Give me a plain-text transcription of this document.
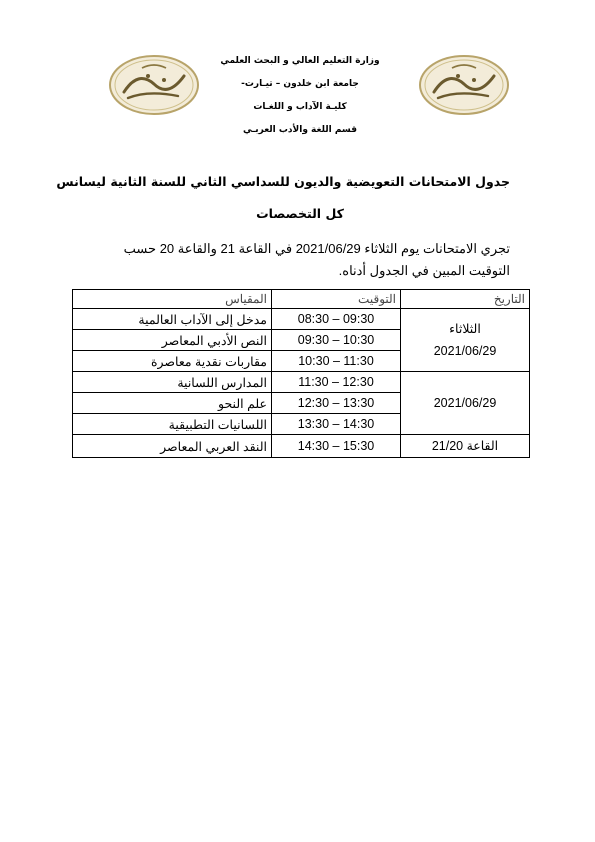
وزارة التعليم العالي و البحث العلمي
جامعة ابن خلدون – تيـارت-
كليـة الآداب و اللغـات
قسم اللغة والأدب العربـي
جدول الامتحانات التعويضية والديون للسداسي الثاني للسنة الثانية ليسانس
كل التخصصات
تجري الامتحانات يوم الثلاثاء 2021/06/29 في القاعة 21 والقاعة 20 حسب التوقيت المبين في الجدول أدناه.
التاريخ	التوقيت	المقياس

الثلاثاء
2021/06/29	08:30 – 09:30	مدخل إلى الآداب العالمية
	09:30 – 10:30	النص الأدبي المعاصر
	10:30 – 11:30	مقاربات نقدية معاصرة

2021/06/29	11:30 – 12:30	المدارس اللسانية
	12:30 – 13:30	علم النحو
	13:30 – 14:30	اللسانيات التطبيقية
القاعة 21/20	14:30 – 15:30	النقد العربي المعاصر
